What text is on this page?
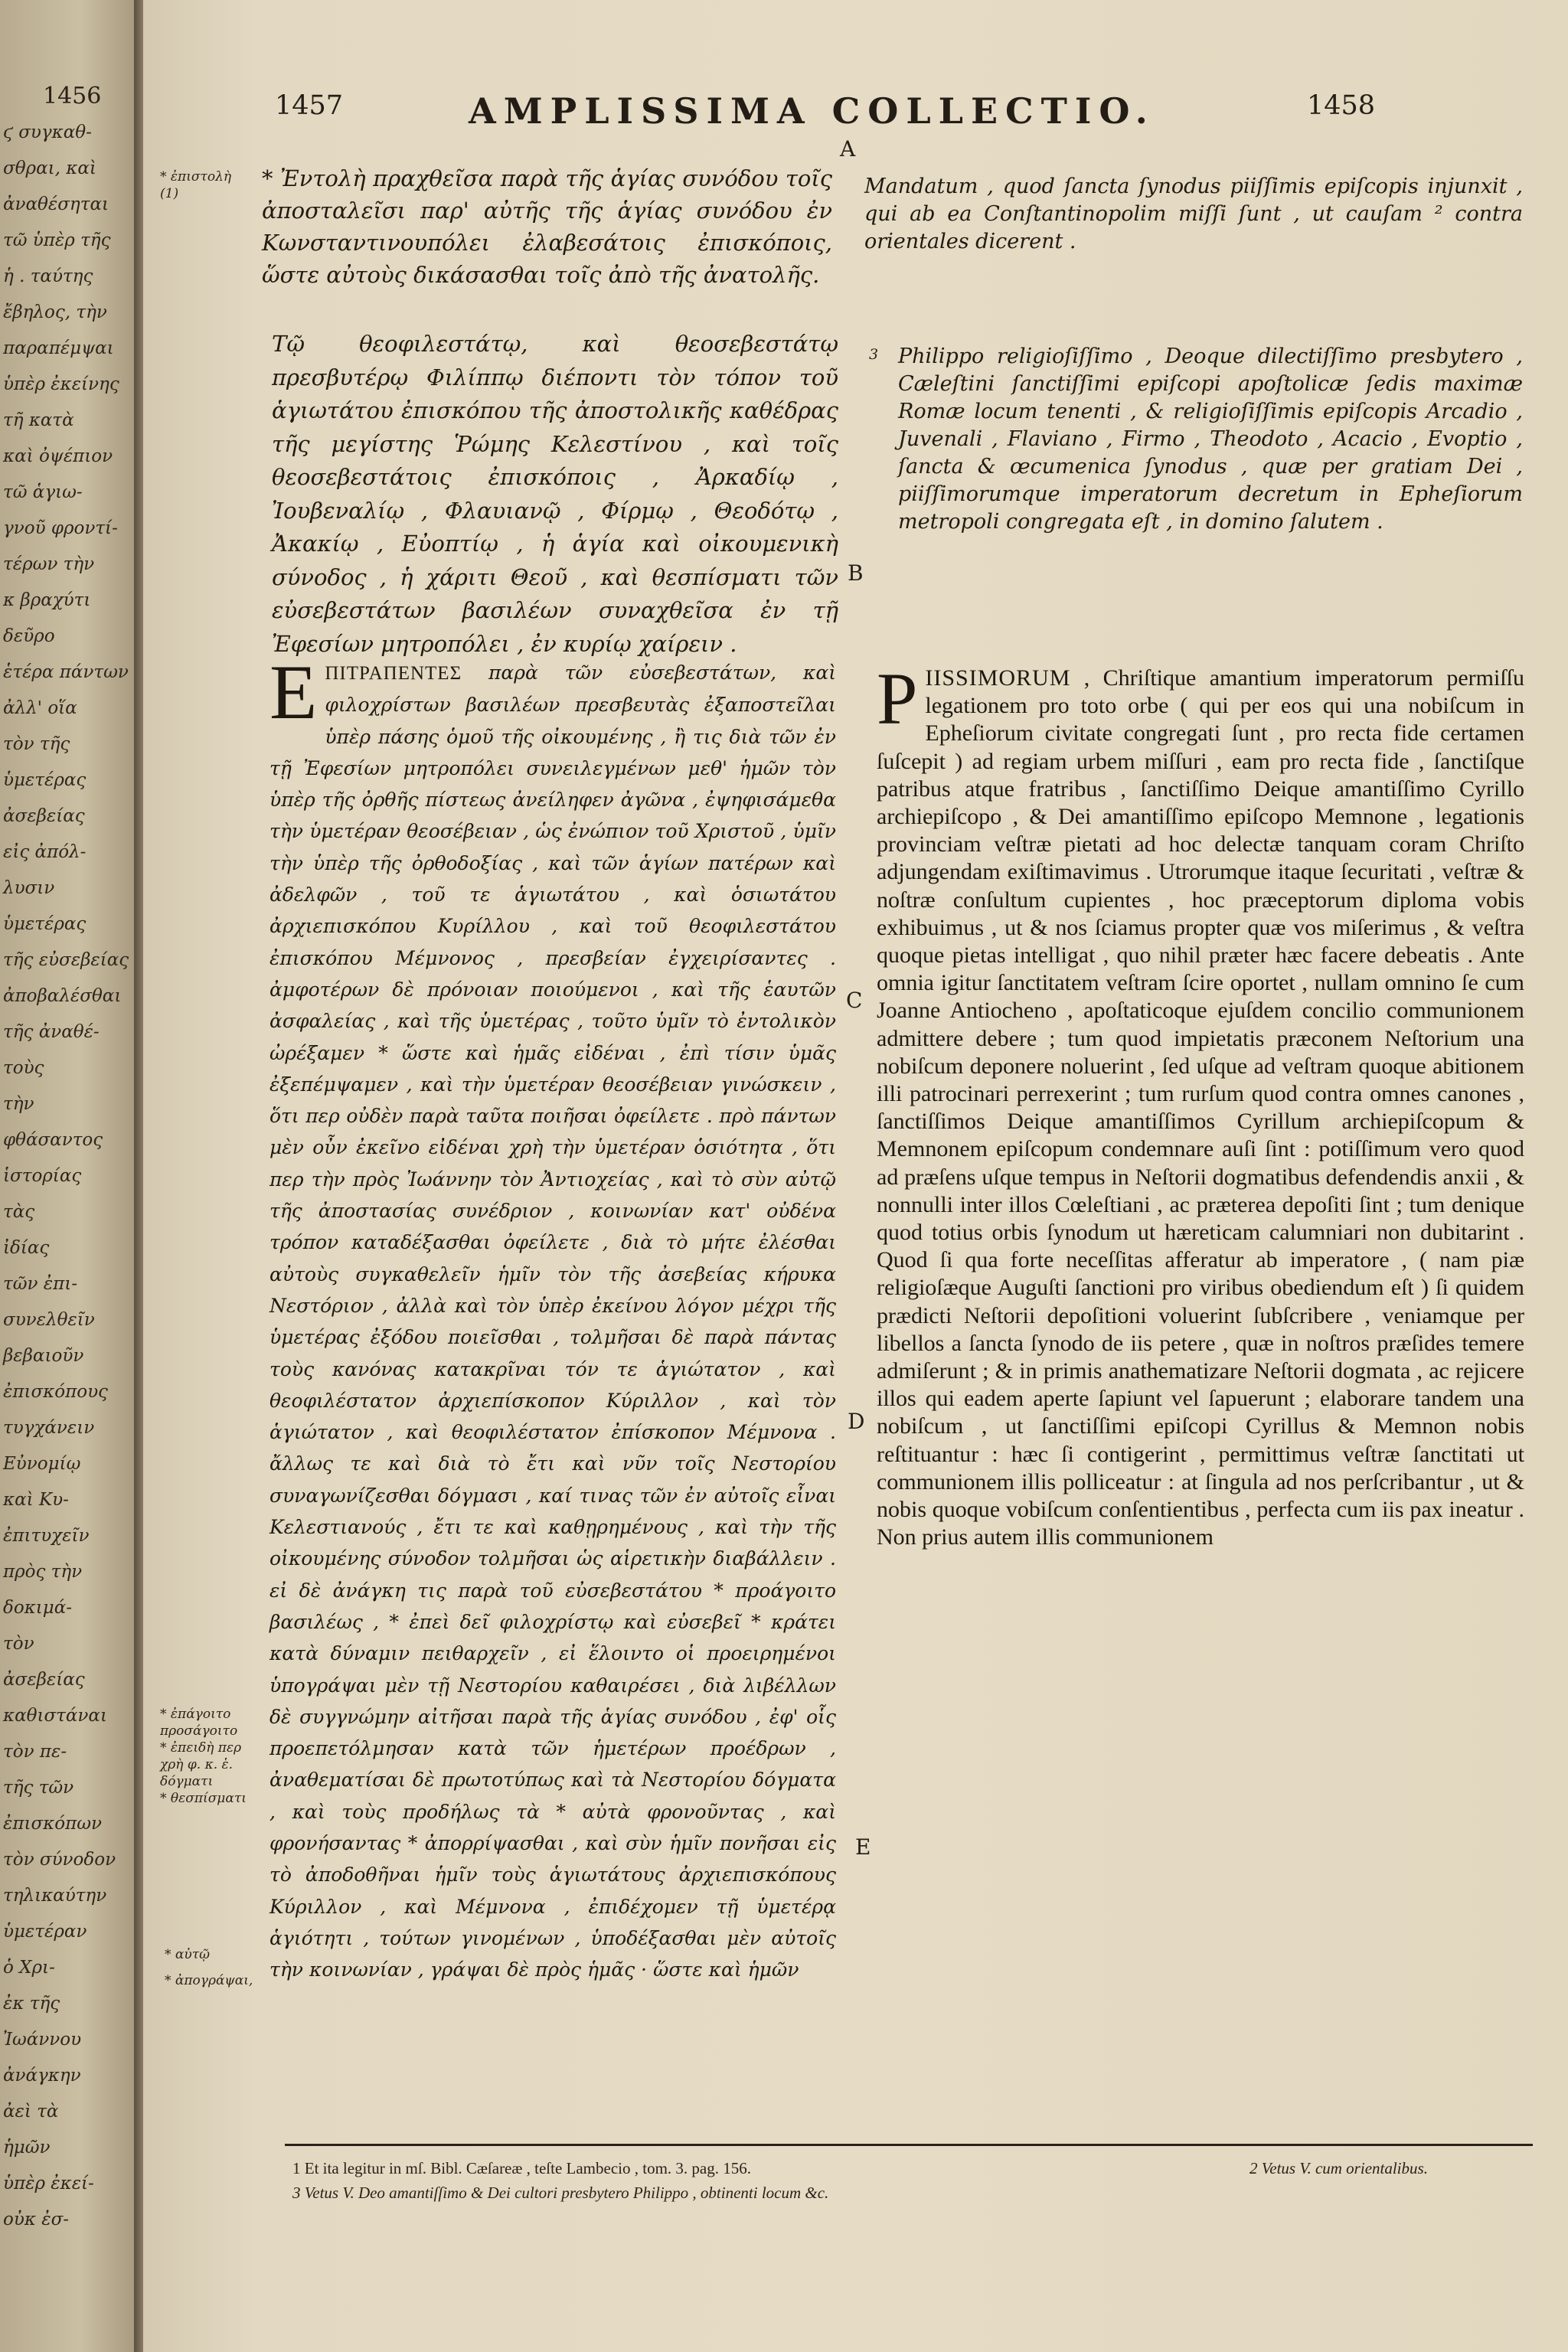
1456
ϛ συγκαθ-
σθραι, καὶ
ἀναθέσηται
τῶ ὑπὲρ τῆς
ἡ . ταύτης
ἔβηλος, τὴν
παραπέμψαι
ὑπὲρ ἐκείνης
τῆ κατὰ
καὶ ὀψέπιον
τῶ ἁγιω-
γνοῦ φροντί-
τέρων τὴν
κ βραχύτι
δεῦρο
ἑτέρα πάντων
ἀλλ' οἵα
τὸν τῆς
ὑμετέρας
ἀσεβείας
εἰς ἀπόλ-
λυσιν
ὑμετέρας
τῆς εὐσεβείας
ἀποβαλέσθαι
τῆς ἀναθέ-
τοὺς
τὴν
φθάσαντος
ἱστορίας
τὰς
ἰδίας
τῶν ἐπι-
συνελθεῖν
βεβαιοῦν
ἐπισκόπους
τυγχάνειν
Εὐνομίῳ
καὶ Κυ-
ἐπιτυχεῖν
πρὸς τὴν
δοκιμά-
τὸν
ἀσεβείας
καθιστάναι
τὸν πε-
τῆς τῶν
ἐπισκόπων
τὸν σύνοδον
τηλικαύτην
ὑμετέραν
ὁ Χρι-
ἐκ τῆς
Ἰωάννου
ἀνάγκην
ἀεὶ τὰ
ἡμῶν
ὑπὲρ ἐκεί-
οὐκ ἐσ-
1457	AMPLISSIMA COLLECTIO.	1458
A
* ἐπιστολὴ
(1)
* Ἐντολὴ πραχθεῖσα παρὰ τῆς ἁγίας συνόδου τοῖς ἀποσταλεῖσι παρ' αὐτῆς τῆς ἁγίας συνόδου ἐν Κωνσταντινουπόλει ἐλαβεσάτοις ἐπισκόποις, ὥστε αὐτοὺς δικάσασθαι τοῖς ἀπὸ τῆς ἀνατολῆς.
Mandatum , quod ſancta ſynodus piiſſimis epiſcopis injunxit , qui ab ea Conſtantinopolim miſſi ſunt , ut cauſam ² contra orientales dicerent .
Τῷ θεοφιλεστάτῳ, καὶ θεοσεβεστάτῳ πρεσβυτέρῳ Φιλίππῳ διέποντι τὸν τόπον τοῦ ἁγιωτάτου ἐπισκόπου τῆς ἀποστολικῆς καθέδρας τῆς μεγίστης Ῥώμης Κελεστίνου , καὶ τοῖς θεοσεβεστάτοις ἐπισκόποις , Ἀρκαδίῳ , Ἰουβεναλίῳ , Φλαυιανῷ , Φίρμῳ , Θεοδότῳ , Ἀκακίῳ , Εὐοπτίῳ , ἡ ἁγία καὶ οἰκουμενικὴ σύνοδος , ἡ χάριτι Θεοῦ , καὶ θεσπίσματι τῶν εὐσεβεστάτων βασιλέων συναχθεῖσα ἐν τῇ Ἐφεσίων μητροπόλει , ἐν κυρίῳ χαίρειν .
3 Philippo religioſiſſimo , Deoque dilectiſſimo presbytero , Cæleſtini ſanctiſſimi epiſcopi apoſtolicæ ſedis maximæ Romæ locum tenenti , & religioſiſſimis epiſcopis Arcadio , Juvenali , Flaviano , Firmo , Theodoto , Acacio , Evoptio , ſancta & œcumenica ſynodus , quæ per gratiam Dei , piiſſimorumque imperatorum decretum in Epheſiorum metropoli congregata eſt , in domino ſalutem .
B
ΕΠΙΤΡΑΠΕΝΤΕΣ παρὰ τῶν εὐσεβεστάτων, καὶ φιλοχρίστων βασιλέων πρεσβευτὰς ἐξαποστεῖλαι ὑπὲρ πάσης ὁμοῦ τῆς οἰκουμένης , ἢ τις διὰ τῶν ἐν τῇ Ἐφεσίων μητροπόλει συνειλεγμένων μεθ' ἡμῶν τὸν ὑπὲρ τῆς ὀρθῆς πίστεως ἀνείληφεν ἀγῶνα , ἐψηφισάμεθα τὴν ὑμετέραν θεοσέβειαν , ὡς ἐνώπιον τοῦ Χριστοῦ , ὑμῖν τὴν ὑπὲρ τῆς ὀρθοδοξίας , καὶ τῶν ἁγίων πατέρων καὶ ἀδελφῶν , τοῦ τε ἁγιωτάτου , καὶ ὁσιωτάτου ἀρχιεπισκόπου Κυρίλλου , καὶ τοῦ θεοφιλεστάτου ἐπισκόπου Μέμνονος , πρεσβείαν ἐγχειρίσαντες . ἀμφοτέρων δὲ πρόνοιαν ποιούμενοι , καὶ τῆς ἑαυτῶν ἀσφαλείας , καὶ τῆς ὑμετέρας , τοῦτο ὑμῖν τὸ ἐντολικὸν ὠρέξαμεν * ὥστε καὶ ἡμᾶς εἰδέναι , ἐπὶ τίσιν ὑμᾶς ἐξεπέμψαμεν , καὶ τὴν ὑμετέραν θεοσέβειαν γινώσκειν , ὅτι περ οὐδὲν παρὰ ταῦτα ποιῆσαι ὀφείλετε . πρὸ πάντων μὲν οὖν ἐκεῖνο εἰδέναι χρὴ τὴν ὑμετέραν ὁσιότητα , ὅτι περ τὴν πρὸς Ἰωάννην τὸν Ἀντιοχείας , καὶ τὸ σὺν αὐτῷ τῆς ἀποστασίας συνέδριον , κοινωνίαν κατ' οὐδένα τρόπον καταδέξασθαι ὀφείλετε , διὰ τὸ μήτε ἐλέσθαι αὐτοὺς συγκαθελεῖν ἡμῖν τὸν τῆς ἀσεβείας κήρυκα Νεστόριον , ἀλλὰ καὶ τὸν ὑπὲρ ἐκείνου λόγον μέχρι τῆς ὑμετέρας ἐξόδου ποιεῖσθαι , τολμῆσαι δὲ παρὰ πάντας τοὺς κανόνας κατακρῖναι τόν τε ἁγιώτατον , καὶ θεοφιλέστατον ἀρχιεπίσκοπον Κύριλλον , καὶ τὸν ἁγιώτατον , καὶ θεοφιλέστατον ἐπίσκοπον Μέμνονα . ἄλλως τε καὶ διὰ τὸ ἔτι καὶ νῦν τοῖς Νεστορίου συναγωνίζεσθαι δόγμασι , καί τινας τῶν ἐν αὐτοῖς εἶναι Κελεστιανούς , ἔτι τε καὶ καθῃρημένους , καὶ τὴν τῆς οἰκουμένης σύνοδον τολμῆσαι ὡς αἱρετικὴν διαβάλλειν . εἰ δὲ ἀνάγκη τις παρὰ τοῦ εὐσεβεστάτου * προάγοιτο βασιλέως , * ἐπεὶ δεῖ φιλοχρίστῳ καὶ εὐσεβεῖ * κράτει κατὰ δύναμιν πειθαρχεῖν , εἰ ἕλοιντο οἱ προειρημένοι ὑπογράψαι μὲν τῇ Νεστορίου καθαιρέσει , διὰ λιβέλλων δὲ συγγνώμην αἰτῆσαι παρὰ τῆς ἁγίας συνόδου , ἐφ' οἷς προεπετόλμησαν κατὰ τῶν ἡμετέρων προέδρων , ἀναθεματίσαι δὲ πρωτοτύπως καὶ τὰ Νεστορίου δόγματα , καὶ τοὺς προδήλως τὰ * αὐτὰ φρονοῦντας , καὶ φρονήσαντας * ἀπορρίψασθαι , καὶ σὺν ἡμῖν πονῆσαι εἰς τὸ ἀποδοθῆναι ἡμῖν τοὺς ἁγιωτάτους ἀρχιεπισκόπους Κύριλλον , καὶ Μέμνονα , ἐπιδέχομεν τῇ ὑμετέρᾳ ἁγιότητι , τούτων γινομένων , ὑποδέξασθαι μὲν αὐτοῖς τὴν κοινωνίαν , γράψαι δὲ πρὸς ἡμᾶς · ὥστε καὶ ἡμῶν
C
D
E
* ἐπάγοιτο
προσάγοιτο
* ἐπειδὴ περ
χρὴ φ. κ. ἑ.
δόγματι
* θεσπίσματι
* αὐτῷ
* ἀπογράψαι,
PIISSIMORUM , Chriſtique amantium imperatorum permiſſu legationem pro toto orbe ( qui per eos qui una nobiſcum in Epheſiorum civitate congregati ſunt , pro recta fide certamen ſuſcepit ) ad regiam urbem miſſuri , eam pro recta fide , ſanctiſque patribus atque fratribus , ſanctiſſimo Deique amantiſſimo Cyrillo archiepiſcopo , & Dei amantiſſimo epiſcopo Memnone , legationis provinciam veſtræ pietati ad hoc delectæ tanquam coram Chriſto adjungendam exiſtimavimus . Utrorumque itaque ſecuritati , veſtræ & noſtræ conſultum cupientes , hoc præceptorum diploma vobis exhibuimus , ut & nos ſciamus propter quæ vos miſerimus , & veſtra quoque pietas intelligat , quo nihil præter hæc facere debeatis . Ante omnia igitur ſanctitatem veſtram ſcire oportet , nullam omnino ſe cum Joanne Antiocheno , apoſtaticoque ejuſdem concilio communionem admittere debere ; tum quod impietatis præconem Neſtorium una nobiſcum deponere noluerint , ſed uſque ad veſtram quoque abitionem illi patrocinari perrexerint ; tum rurſum quod contra omnes canones , ſanctiſſimos Deique amantiſſimos Cyrillum archiepiſcopum & Memnonem epiſcopum condemnare auſi ſint : potiſſimum vero quod ad præſens uſque tempus in Neſtorii dogmatibus defendendis anxii , & nonnulli inter illos Cœleſtiani , ac præterea depoſiti ſint ; tum denique quod totius orbis ſynodum ut hæreticam calumniari non dubitarint . Quod ſi qua forte neceſſitas afferatur ab imperatore , ( nam piæ religioſæque Auguſti ſanctioni pro viribus obediendum eſt ) ſi quidem prædicti Neſtorii depoſitioni voluerint ſubſcribere , veniamque per libellos a ſancta ſynodo de iis petere , quæ in noſtros præſides temere admiſerunt ; & in primis anathematizare Neſtorii dogmata , ac rejicere illos qui eadem aperte ſapiunt vel ſapuerunt ; elaborare tandem una nobiſcum , ut ſanctiſſimi epiſcopi Cyrillus & Memnon nobis reſtituantur : hæc ſi contigerint , permittimus veſtræ ſanctitati ut communionem illis polliceatur : at ſingula ad nos perſcribantur , ut & nobis quoque vobiſcum conſentientibus , perfecta cum iis pax ineatur . Non prius autem illis communionem
1 Et ita legitur in mſ. Bibl. Cæſareæ , teſte Lambecio , tom. 3. pag. 156.	2 Vetus V. cum orientalibus.
3 Vetus V. Deo amantiſſimo & Dei cultori presbytero Philippo , obtinenti locum &c.
